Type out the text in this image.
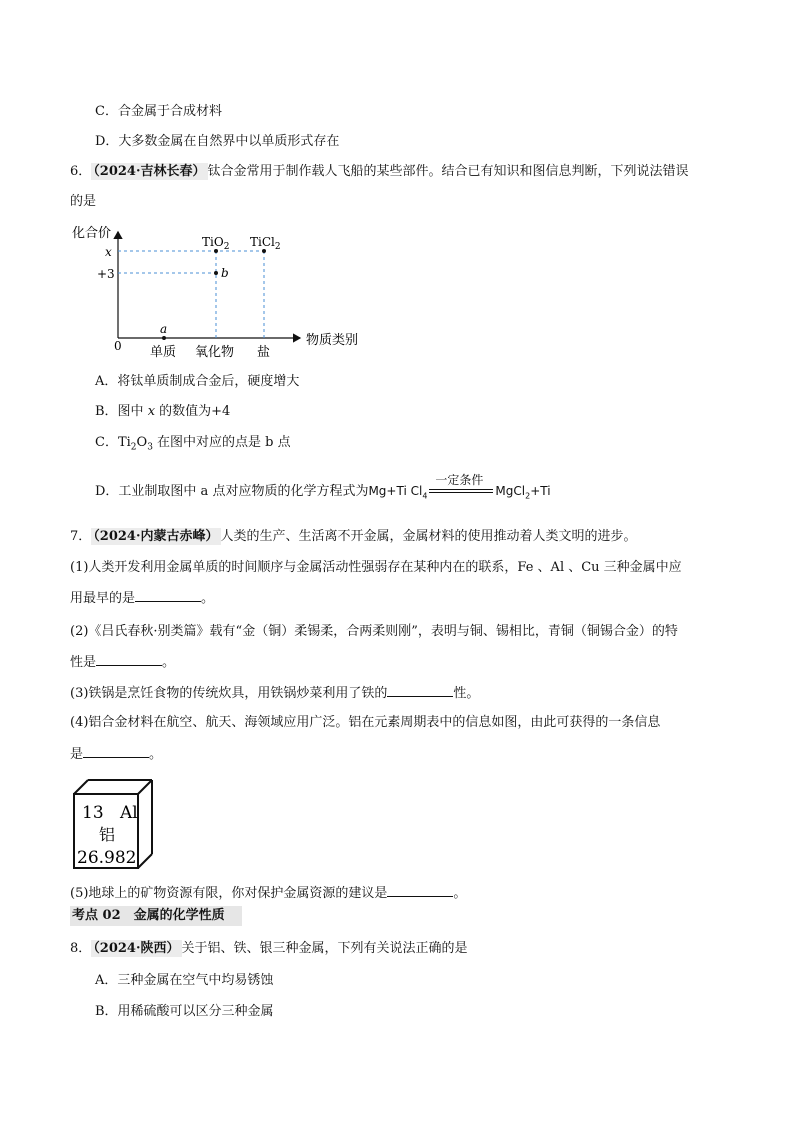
C．合金属于合成材料
D．大多数金属在自然界中以单质形式存在
6． （2024·吉林长春） 钛合金常用于制作载人飞船的某些部件。结合已有知识和图信息判断，下列说法错误
的是
化合价
物质类别
0
x
+3
TiO$_2$ TiCl$_2$
b
a
单质 氧化物 盐
A．将钛单质制成合金后，硬度增大
B．图中 x 的数值为+4
C．$Ti_2O_3$ 在图中对应的点是 b 点
D．工业制取图中 a 点对应物质的化学方程式为Mg+Ti $Cl_4$
一定条件
MgCl$_2$+Ti
7． （2024·内蒙古赤峰） 人类的生产、生活离不开金属，金属材料的使用推动着人类文明的进步。
(1)人类开发利用金属单质的时间顺序与金属活动性强弱存在某种内在的联系，Fe 、Al 、Cu 三种金属中应
用最早的是	。
(2)《吕氏春秋·别类篇》载有“金（铜）柔锡柔，合两柔则刚”，表明与铜、锡相比，青铜（铜锡合金）的特
性是	。
(3)铁锅是烹饪食物的传统炊具，用铁锅炒菜利用了铁的	性。
(4)铝合金材料在航空、航天、海领域应用广泛。铝在元素周期表中的信息如图，由此可获得的一条信息
是	。
13 Al
铝
26.982
(5)地球上的矿物资源有限，你对保护金属资源的建议是	。
考点 02　金属的化学性质
8． （2024·陕西） 关于铝、铁、银三种金属，下列有关说法正确的是
A．三种金属在空气中均易锈蚀
B．用稀硫酸可以区分三种金属
